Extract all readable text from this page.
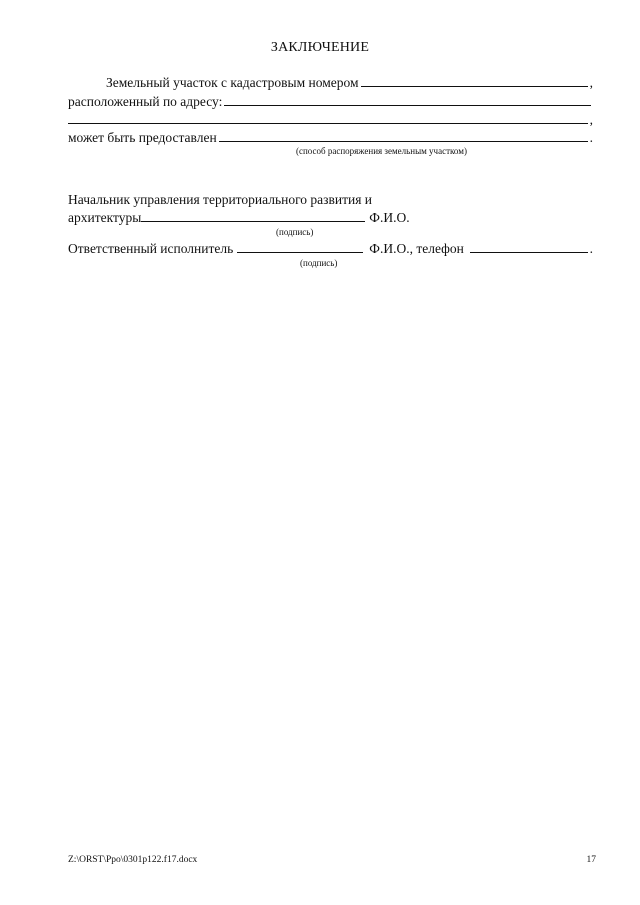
ЗАКЛЮЧЕНИЕ
Земельный участок с кадастровым номером	,
расположенный по адресу:
,
может быть предоставлен	.
(способ распоряжения земельным участком)
Начальник управления территориального развития и
архитектуры	Ф.И.О.
(подпись)
Ответственный исполнитель	Ф.И.О., телефон	.
(подпись)
Z:\ORST\Ppo\0301p122.f17.docx	17
